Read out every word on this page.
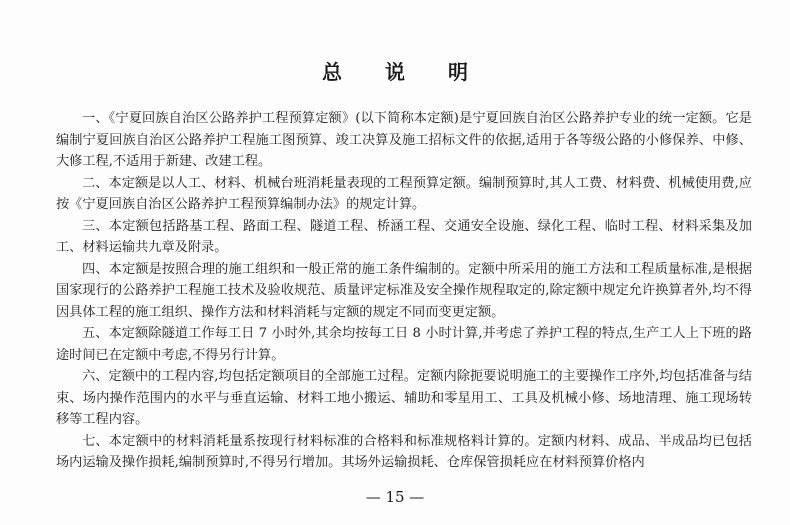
总 说 明

一、《宁夏回族自治区公路养护工程预算定额》(以下简称本定额)是宁夏回族自治区公路养护专业的统一定额。它是编制宁夏回族自治区公路养护工程施工图预算、竣工决算及施工招标文件的依据,适用于各等级公路的小修保养、中修、大修工程,不适用于新建、改建工程。

二、本定额是以人工、材料、机械台班消耗量表现的工程预算定额。编制预算时,其人工费、材料费、机械使用费,应按《宁夏回族自治区公路养护工程预算编制办法》的规定计算。

三、本定额包括路基工程、路面工程、隧道工程、桥涵工程、交通安全设施、绿化工程、临时工程、材料采集及加工、材料运输共九章及附录。

四、本定额是按照合理的施工组织和一般正常的施工条件编制的。定额中所采用的施工方法和工程质量标准,是根据国家现行的公路养护工程施工技术及验收规范、质量评定标准及安全操作规程取定的,除定额中规定允许换算者外,均不得因具体工程的施工组织、操作方法和材料消耗与定额的规定不同而变更定额。

五、本定额除隧道工作每工日 7 小时外,其余均按每工日 8 小时计算,并考虑了养护工程的特点,生产工人上下班的路途时间已在定额中考虑,不得另行计算。

六、定额中的工程内容,均包括定额项目的全部施工过程。定额内除扼要说明施工的主要操作工序外,均包括准备与结束、场内操作范围内的水平与垂直运输、材料工地小搬运、辅助和零星用工、工具及机械小修、场地清理、施工现场转移等工程内容。

七、本定额中的材料消耗量系按现行材料标准的合格料和标准规格料计算的。定额内材料、成品、半成品均已包括场内运输及操作损耗,编制预算时,不得另行增加。其场外运输损耗、仓库保管损耗应在材料预算价格内

— 15 —
